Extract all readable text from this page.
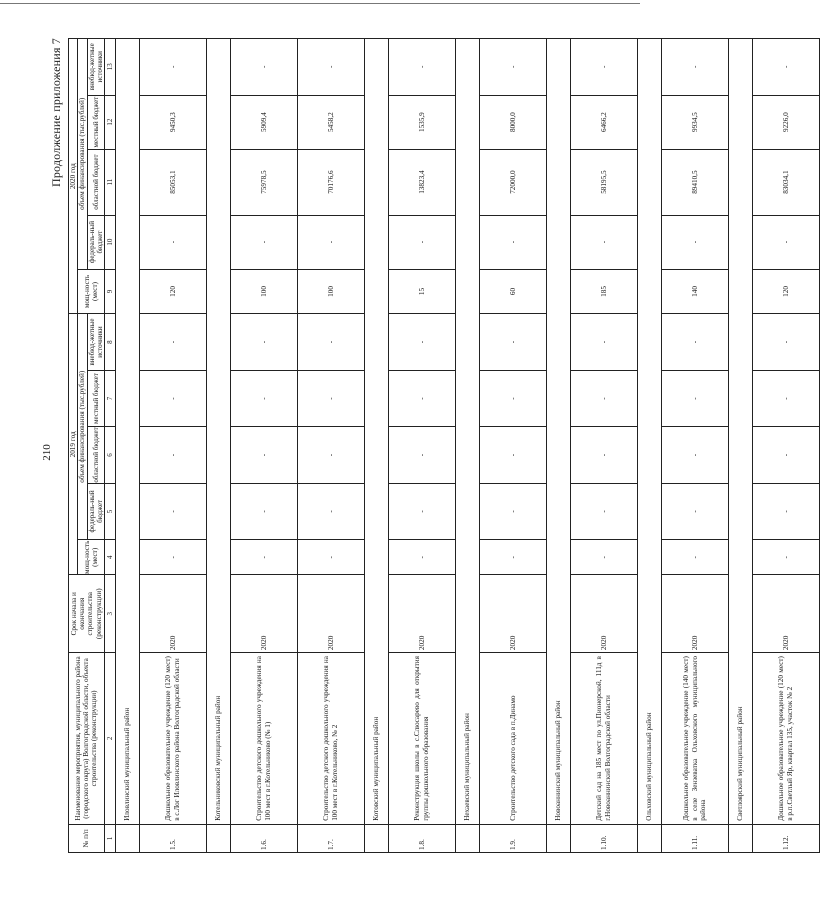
210
Продолжение приложения 7
№ п/п	Наименование мероприятия, муниципального района (городского округа) Волгоградской области, объекта строительства (реконструкции)	Срок начала и окончания строительства (реконструкции)	2019 год					2020 год				
			мощ-ность (мест)	объем финансирования (тыс.рублей)				мощ-ность (мест)	объем финансирования (тыс.рублей)			
				федераль-ный бюджет	областной бюджет	местный бюджет	внебюд-жетные источники		федераль-ный бюджет	областной бюджет	местный бюджет	внебюд-жетные источники
1	2	3	4	5	6	7	8	9	10	11	12	13
	Иловлинский муниципальный район											
1.5.	Дошкольное образовательное учреждение (120 мест) в с.Лог Иловлинского района Волгоградской области	2020	-	-	-	-	-	120	-	85053,1	9450,3	-
	Котельниковский муниципальный район											
1.6.	Строительство детского дошкольного учреждения на 100 мест в г.Котельниково (№ 1)	2020	-	-	-	-	-	100	-	75978,5	5909,4	-
1.7.	Строительство детского дошкольного учреждения на 100 мест в г.Котельниково, № 2	2020	-	-	-	-	-	100	-	70176,6	5458,2	-
	Котовский муниципальный район											
1.8.	Реконструкция школы в с.Слюсарево для открытия группы дошкольного образования	2020	-	-	-	-	-	15	-	13823,4	1535,9	-
	Нехаевский муниципальный район											
1.9.	Строительство детского сада в п.Динамо	2020	-	-	-	-	-	60	-	72000,0	8000,0	-
	Новоаннинский муниципальный район											
1.10.	Детский сад на 185 мест по ул.Пионерской, 111д в г.Новоаннинский Волгоградской области	2020	-	-	-	-	-	185	-	58195,5	6466,2	-
	Ольховский муниципальный район											
1.11.	Дошкольное образовательное учреждение (140 мест) в селе Зензеватка Ольховского муниципального района	2020	-	-	-	-	-	140	-	89410,5	9934,5	-
	Светлоярский муниципальный район											
1.12.	Дошкольное образовательное учреждение (120 мест) в р.п.Светлый Яр, квартал 135, участок № 2	2020	-	-	-	-	-	120	-	83034,1	9226,0	-
